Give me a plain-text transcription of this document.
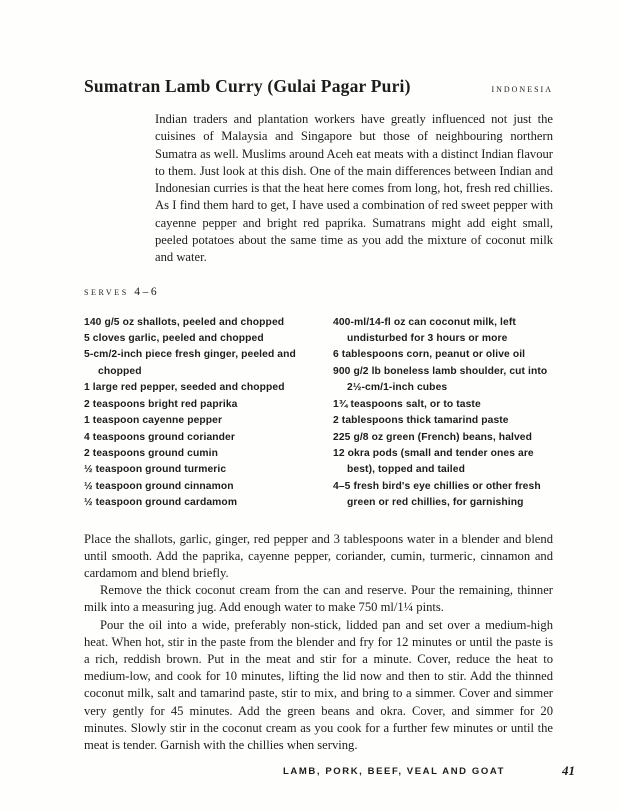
Sumatran Lamb Curry (Gulai Pagar Puri)	indonesia
Indian traders and plantation workers have greatly influenced not just the cuisines of Malaysia and Singapore but those of neighbouring northern Sumatra as well. Muslims around Aceh eat meats with a distinct Indian flavour to them. Just look at this dish. One of the main differences between Indian and Indonesian curries is that the heat here comes from long, hot, fresh red chillies. As I find them hard to get, I have used a combination of red sweet pepper with cayenne pepper and bright red paprika. Sumatrans might add eight small, peeled potatoes about the same time as you add the mixture of coconut milk and water.
serves 4–6
140 g/5 oz shallots, peeled and chopped
5 cloves garlic, peeled and chopped
5-cm/2-inch piece fresh ginger, peeled and chopped
1 large red pepper, seeded and chopped
2 teaspoons bright red paprika
1 teaspoon cayenne pepper
4 teaspoons ground coriander
2 teaspoons ground cumin
½ teaspoon ground turmeric
½ teaspoon ground cinnamon
½ teaspoon ground cardamom
400-ml/14-fl oz can coconut milk, left undisturbed for 3 hours or more
6 tablespoons corn, peanut or olive oil
900 g/2 lb boneless lamb shoulder, cut into 2½-cm/1-inch cubes
1¾ teaspoons salt, or to taste
2 tablespoons thick tamarind paste
225 g/8 oz green (French) beans, halved
12 okra pods (small and tender ones are best), topped and tailed
4–5 fresh bird's eye chillies or other fresh green or red chillies, for garnishing

Place the shallots, garlic, ginger, red pepper and 3 tablespoons water in a blender and blend until smooth. Add the paprika, cayenne pepper, coriander, cumin, turmeric, cinnamon and cardamom and blend briefly.

Remove the thick coconut cream from the can and reserve. Pour the remaining, thinner milk into a measuring jug. Add enough water to make 750 ml/1¼ pints.

Pour the oil into a wide, preferably non-stick, lidded pan and set over a medium-high heat. When hot, stir in the paste from the blender and fry for 12 minutes or until the paste is a rich, reddish brown. Put in the meat and stir for a minute. Cover, reduce the heat to medium-low, and cook for 10 minutes, lifting the lid now and then to stir. Add the thinned coconut milk, salt and tamarind paste, stir to mix, and bring to a simmer. Cover and simmer very gently for 45 minutes. Add the green beans and okra. Cover, and simmer for 20 minutes. Slowly stir in the coconut cream as you cook for a further few minutes or until the meat is tender. Garnish with the chillies when serving.

LAMB, PORK, BEEF, VEAL AND GOAT	41
